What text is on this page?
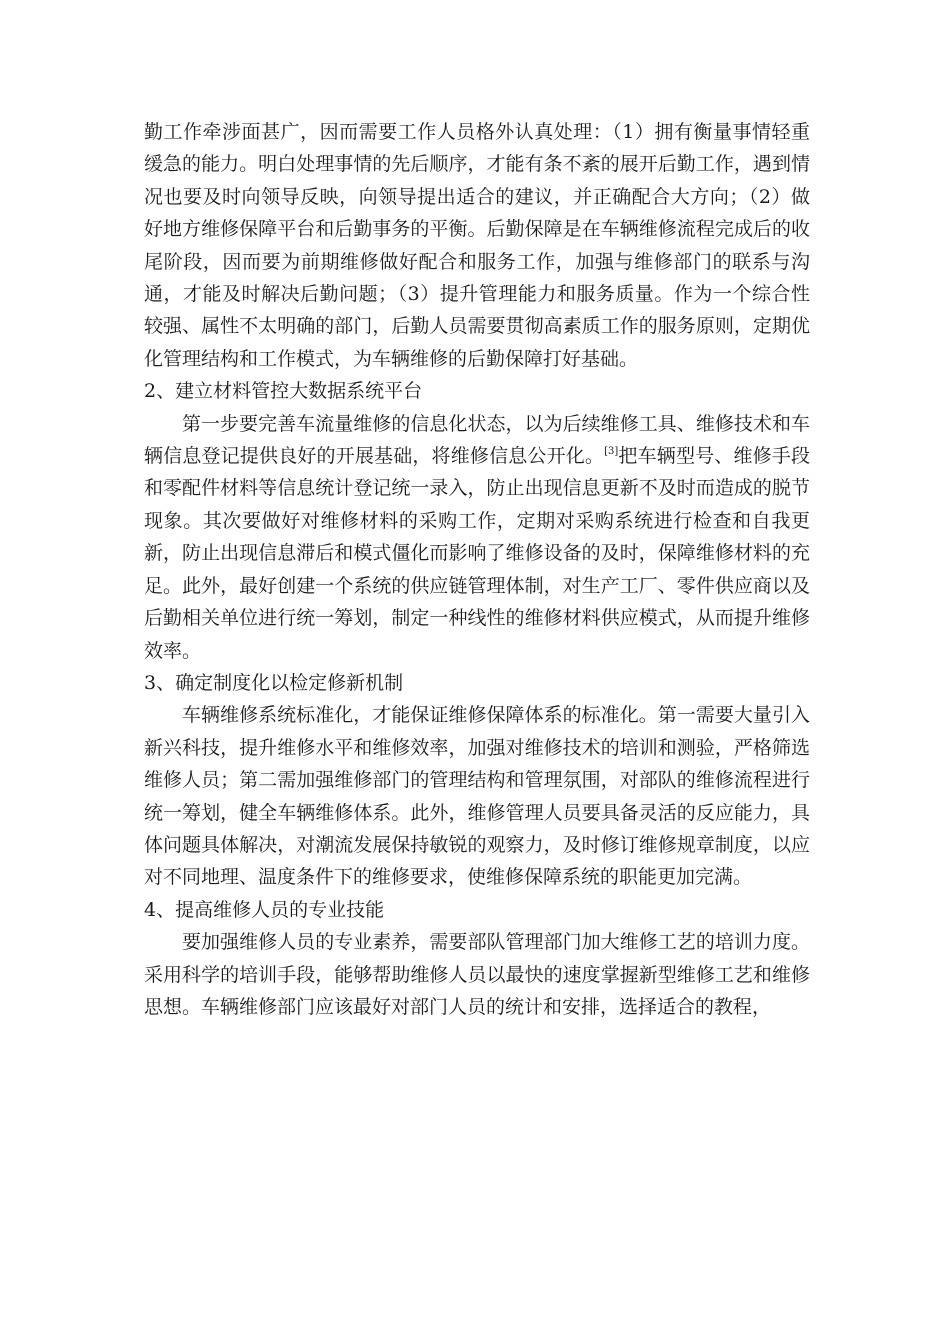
勤工作牵涉面甚广，因而需要工作人员格外认真处理：（1）拥有衡量事情轻重缓急的能力。明白处理事情的先后顺序，才能有条不紊的展开后勤工作，遇到情况也要及时向领导反映，向领导提出适合的建议，并正确配合大方向；（2）做好地方维修保障平台和后勤事务的平衡。后勤保障是在车辆维修流程完成后的收尾阶段，因而要为前期维修做好配合和服务工作，加强与维修部门的联系与沟通，才能及时解决后勤问题；（3）提升管理能力和服务质量。作为一个综合性较强、属性不太明确的部门，后勤人员需要贯彻高素质工作的服务原则，定期优化管理结构和工作模式，为车辆维修的后勤保障打好基础。

2、建立材料管控大数据系统平台

第一步要完善车流量维修的信息化状态，以为后续维修工具、维修技术和车辆信息登记提供良好的开展基础，将维修信息公开化。[3]把车辆型号、维修手段和零配件材料等信息统计登记统一录入，防止出现信息更新不及时而造成的脱节现象。其次要做好对维修材料的采购工作，定期对采购系统进行检查和自我更新，防止出现信息滞后和模式僵化而影响了维修设备的及时，保障维修材料的充足。此外，最好创建一个系统的供应链管理体制，对生产工厂、零件供应商以及后勤相关单位进行统一筹划，制定一种线性的维修材料供应模式，从而提升维修效率。

3、确定制度化以检定修新机制

车辆维修系统标准化，才能保证维修保障体系的标准化。第一需要大量引入新兴科技，提升维修水平和维修效率，加强对维修技术的培训和测验，严格筛选维修人员；第二需加强维修部门的管理结构和管理氛围，对部队的维修流程进行统一筹划，健全车辆维修体系。此外，维修管理人员要具备灵活的反应能力，具体问题具体解决，对潮流发展保持敏锐的观察力，及时修订维修规章制度，以应对不同地理、温度条件下的维修要求，使维修保障系统的职能更加完满。

4、提高维修人员的专业技能

要加强维修人员的专业素养，需要部队管理部门加大维修工艺的培训力度。采用科学的培训手段，能够帮助维修人员以最快的速度掌握新型维修工艺和维修思想。车辆维修部门应该最好对部门人员的统计和安排，选择适合的教程，
